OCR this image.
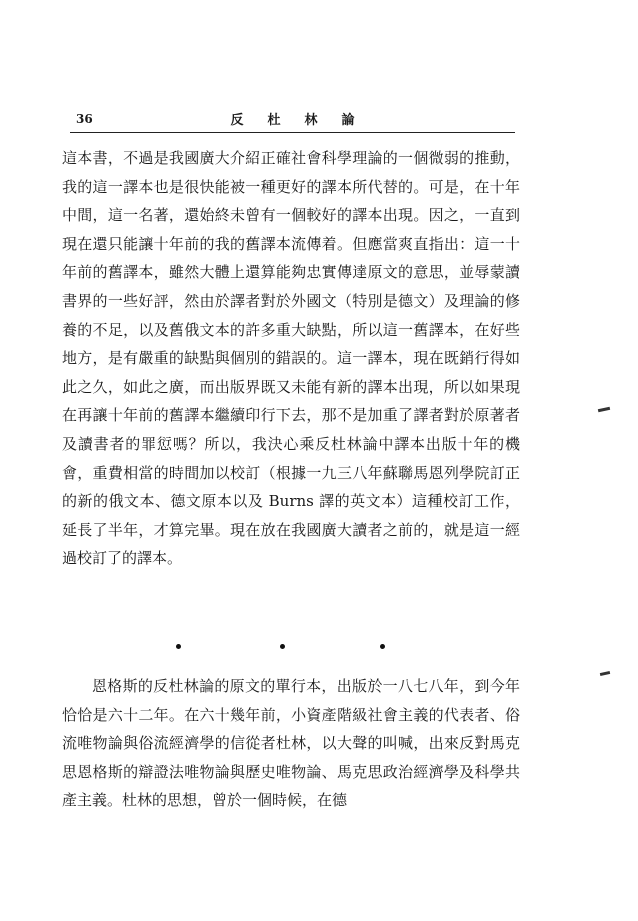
36	反杜林論

這本書，不過是我國廣大介紹正確社會科學理論的一個微弱的推動，我的這一譯本也是很快能被一種更好的譯本所代替的。可是，在十年中間，這一名著，還始終未曾有一個較好的譯本出現。因之，一直到現在還只能讓十年前的我的舊譯本流傳着。但應當爽直指出：這一十年前的舊譯本，雖然大體上還算能夠忠實傳達原文的意思，並辱蒙讀書界的一些好評，然由於譯者對於外國文（特別是德文）及理論的修養的不足，以及舊俄文本的許多重大缺點，所以這一舊譯本，在好些地方，是有嚴重的缺點與個別的錯誤的。這一譯本，現在既銷行得如此之久，如此之廣，而出版界既又未能有新的譯本出現，所以如果現在再讓十年前的舊譯本繼續印行下去，那不是加重了譯者對於原著者及讀書者的罪愆嗎？所以，我決心乘反杜林論中譯本出版十年的機會，重費相當的時間加以校訂（根據一九三八年蘇聯馬恩列學院訂正的新的俄文本、德文原本以及 Burns 譯的英文本）這種校訂工作，延長了半年，才算完畢。現在放在我國廣大讀者之前的，就是這一經過校訂了的譯本。

恩格斯的反杜林論的原文的單行本，出版於一八七八年，到今年恰恰是六十二年。在六十幾年前，小資產階級社會主義的代表者、俗流唯物論與俗流經濟學的信從者杜林，以大聲的叫喊，出來反對馬克思恩格斯的辯證法唯物論與歷史唯物論、馬克思政治經濟學及科學共產主義。杜林的思想，曾於一個時候，在德
